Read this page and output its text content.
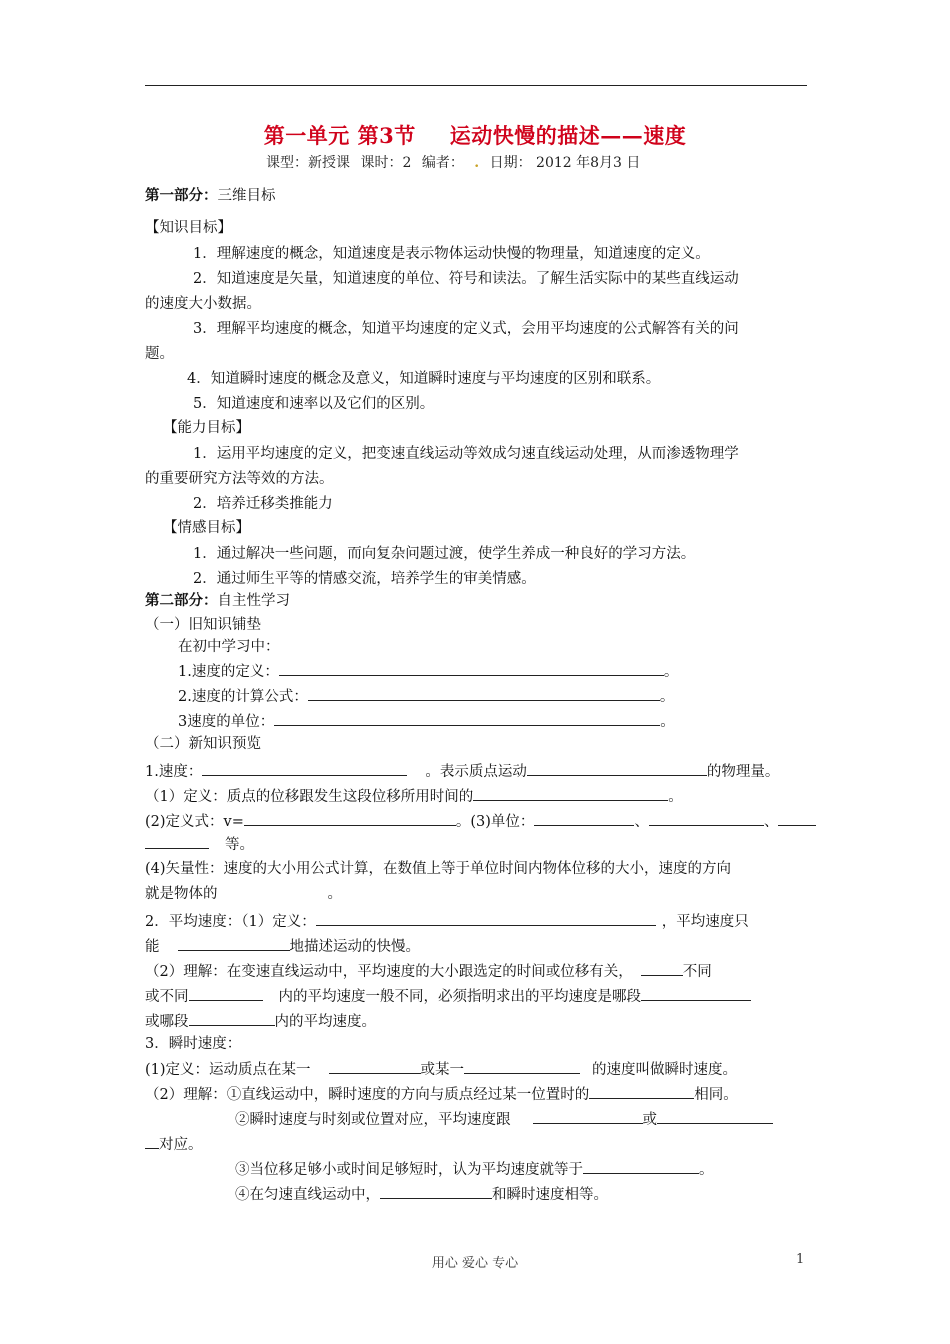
第一单元 第3节 运动快慢的描述——速度
课型：新授课 课时：2 编者： . 日期： 2012 年8月3 日
第一部分：三维目标
【知识目标】
1．理解速度的概念，知道速度是表示物体运动快慢的物理量，知道速度的定义。
2．知道速度是矢量，知道速度的单位、符号和读法。了解生活实际中的某些直线运动
的速度大小数据。
3．理解平均速度的概念，知道平均速度的定义式，会用平均速度的公式解答有关的问
题。
4．知道瞬时速度的概念及意义，知道瞬时速度与平均速度的区别和联系。
5．知道速度和速率以及它们的区别。
【能力目标】
1．运用平均速度的定义，把变速直线运动等效成匀速直线运动处理，从而渗透物理学
的重要研究方法等效的方法。
2．培养迁移类推能力
【情感目标】
1．通过解决一些问题，而向复杂问题过渡，使学生养成一种良好的学习方法。
2．通过师生平等的情感交流，培养学生的审美情感。
第二部分：自主性学习
（一）旧知识铺垫
在初中学习中：
1.速度的定义：	。
2.速度的计算公式：	。
3速度的单位：	。
（二）新知识预览
1.速度：	。表示质点运动	的物理量。
（1）定义：质点的位移跟发生这段位移所用时间的	。
(2)定义式：v=	。(3)单位：	、	、
等。
(4)矢量性：速度的大小用公式计算，在数值上等于单位时间内物体位移的大小，速度的方向
就是物体的	。
2．平均速度：（1）定义：	，平均速度只
能	地描述运动的快慢。
（2）理解：在变速直线运动中，平均速度的大小跟选定的时间或位移有关，	不同
或不同	内的平均速度一般不同，必须指明求出的平均速度是哪段
或哪段	内的平均速度。
3．瞬时速度：
(1)定义：运动质点在某一	或某一	的速度叫做瞬时速度。
（2）理解：①直线运动中，瞬时速度的方向与质点经过某一位置时的	相同。
②瞬时速度与时刻或位置对应，平均速度跟	或
对应。
③当位移足够小或时间足够短时，认为平均速度就等于	。
④在匀速直线运动中，	和瞬时速度相等。
用心 爱心 专心	1
